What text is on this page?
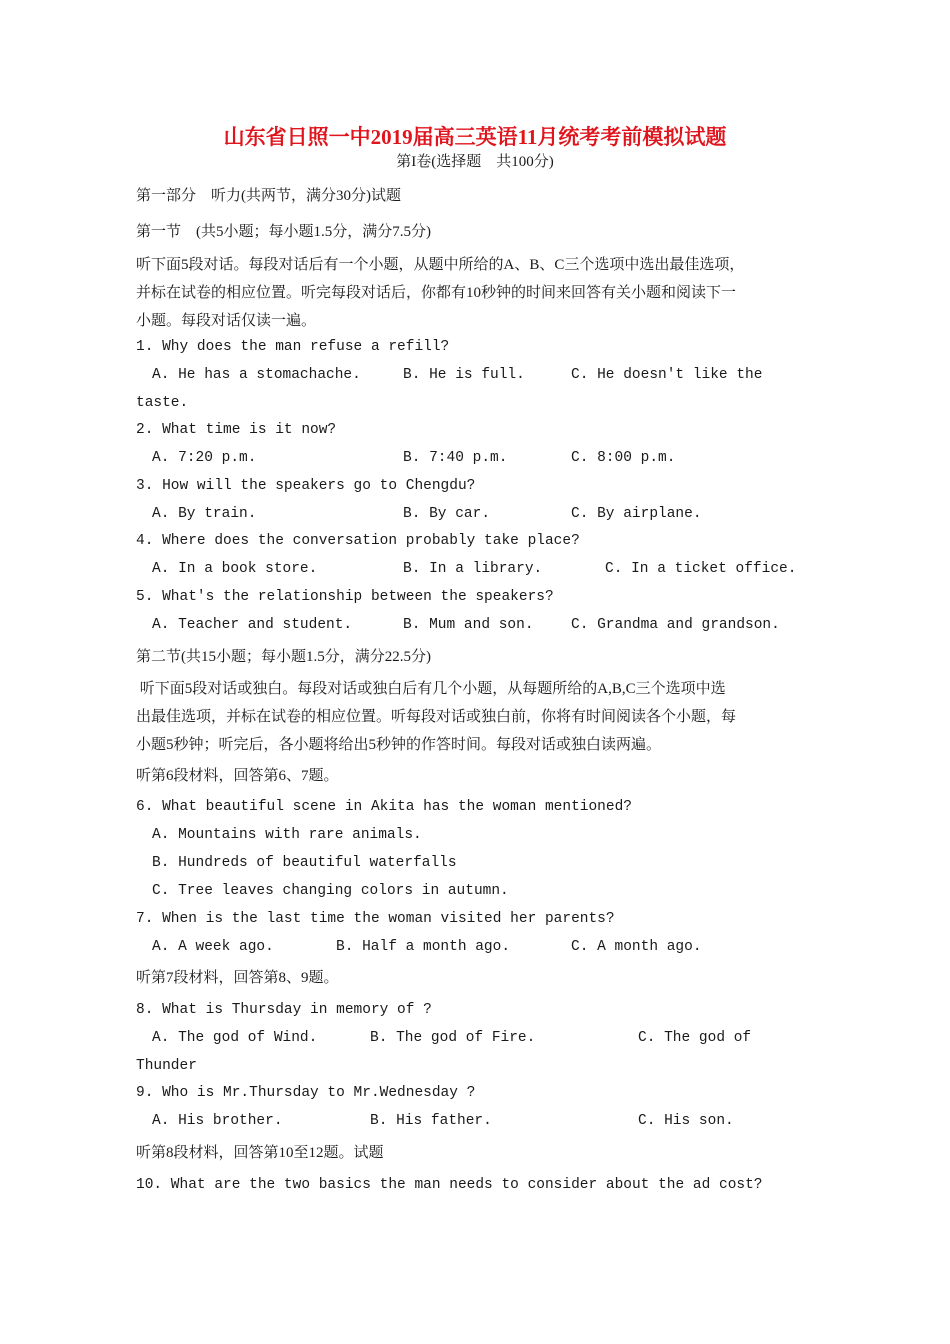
山东省日照一中2019届高三英语11月统考考前模拟试题
第I卷(选择题　共100分)
第一部分　听力(共两节，满分30分)试题
第一节　(共5小题；每小题1.5分，满分7.5分)
听下面5段对话。每段对话后有一个小题，从题中所给的A、B、C三个选项中选出最佳选项，
并标在试卷的相应位置。听完每段对话后，你都有10秒钟的时间来回答有关小题和阅读下一
小题。每段对话仅读一遍。
1. Why does the man refuse a refill?
A. He has a stomachache.	B. He is full.	C. He doesn't like the
taste.
2. What time is it now?
A. 7:20 p.m.	B. 7:40 p.m.	C. 8:00 p.m.
3. How will the speakers go to Chengdu?
A. By train.	B. By car.	C. By airplane.
4. Where does the conversation probably take place?
A. In a book store.	B. In a library.	C. In a ticket office.
5. What's the relationship between the speakers?
A. Teacher and student.	B. Mum and son.	C. Grandma and grandson.
第二节(共15小题；每小题1.5分，满分22.5分)
听下面5段对话或独白。每段对话或独白后有几个小题，从每题所给的A,B,C三个选项中选
出最佳选项，并标在试卷的相应位置。听每段对话或独白前，你将有时间阅读各个小题，每
小题5秒钟；听完后，各小题将给出5秒钟的作答时间。每段对话或独白读两遍。
听第6段材料，回答第6、7题。
6. What beautiful scene in Akita has the woman mentioned?
A. Mountains with rare animals.
B. Hundreds of beautiful waterfalls
C. Tree leaves changing colors in autumn.
7. When is the last time the woman visited her parents?
A. A week ago.	B. Half a month ago.	C. A month ago.
听第7段材料，回答第8、9题。
8. What is Thursday in memory of ?
A. The god of Wind.	B. The god of Fire.	C. The god of
Thunder
9. Who is Mr.Thursday to Mr.Wednesday ?
A. His brother.	B. His father.	C. His son.
听第8段材料，回答第10至12题。试题
10. What are the two basics the man needs to consider about the ad cost?
